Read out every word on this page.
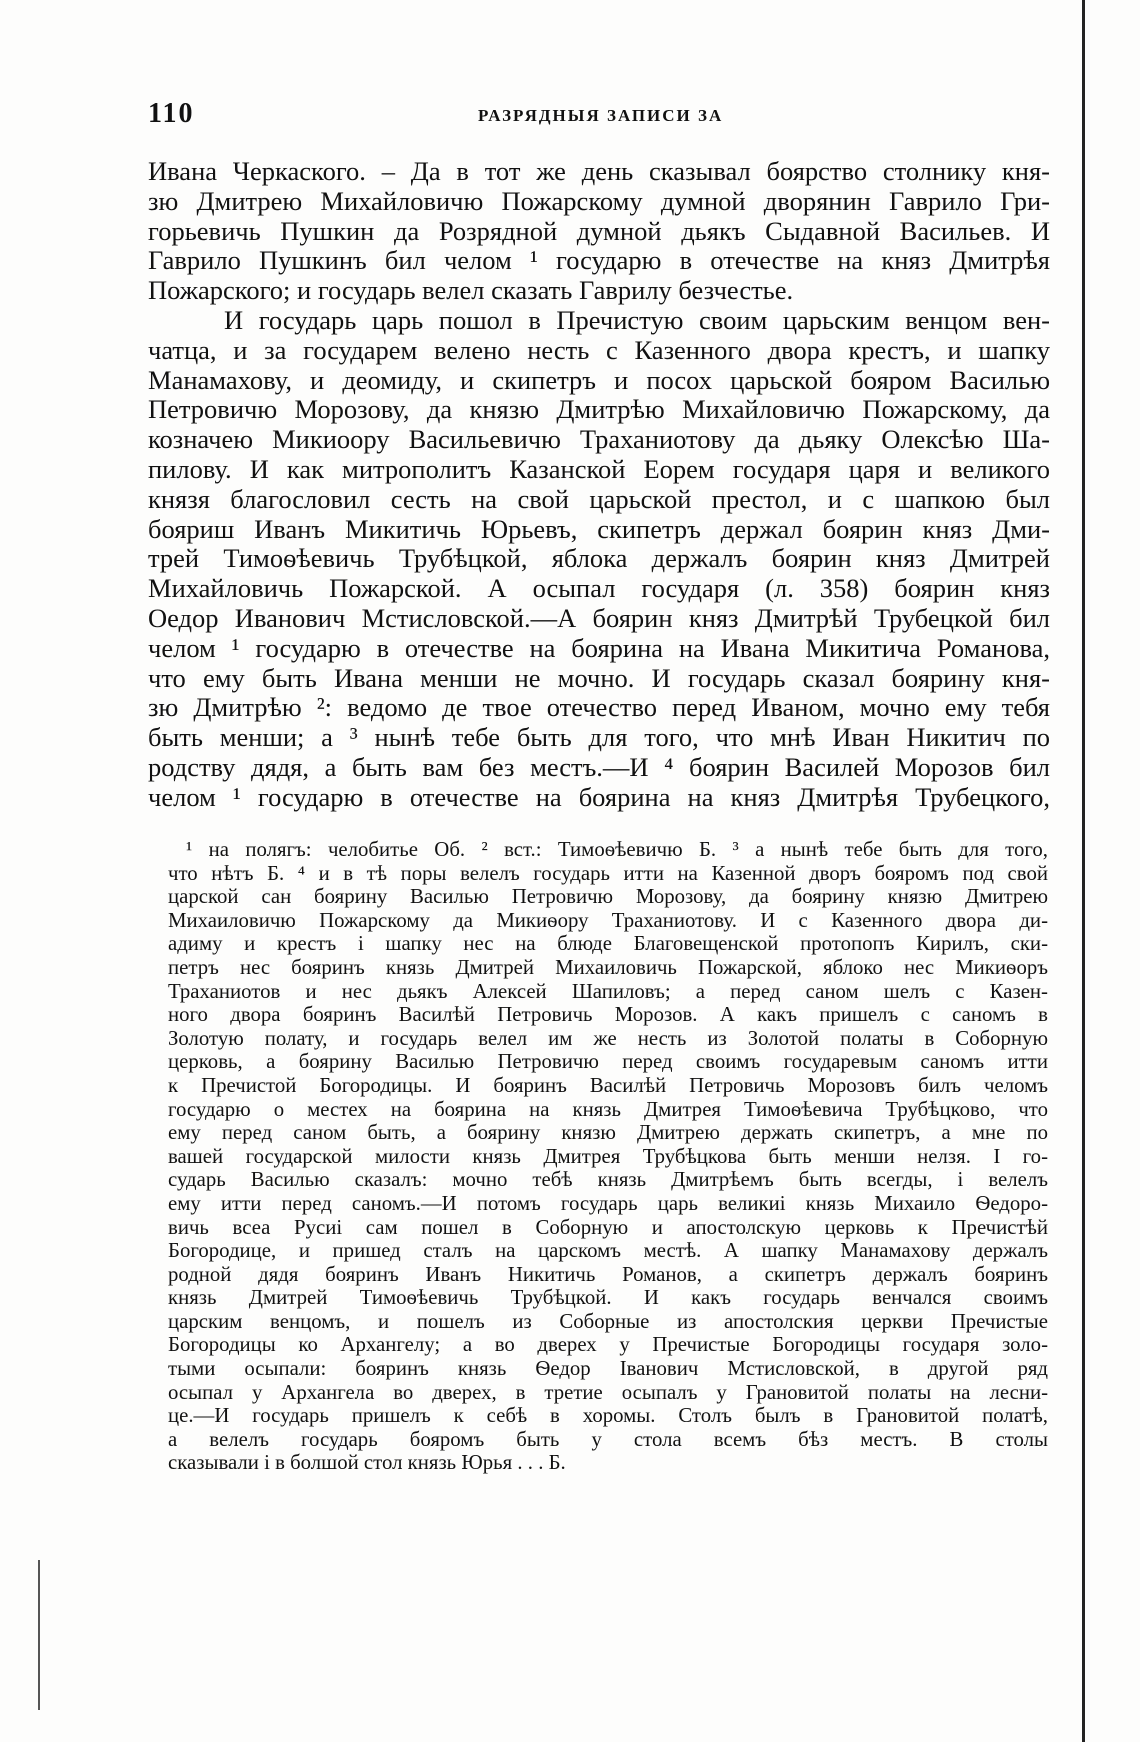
110	РАЗРЯДНЫЯ ЗАПИСИ ЗА
Ивана Черкаского. – Да в тот же день сказывал боярство столнику кня-
зю Дмитрею Михайловичю Пожарскому думной дворянин Гаврило Гри-
горьевичь Пушкин да Розрядной думной дьякъ Сыдавной Васильев. И
Гаврило Пушкинъ бил челом ¹ государю в отечестве на княз Дмитрѣя
Пожарского; и государь велел сказать Гаврилу безчестье.
И государь царь пошол в Пречистую своим царьским венцом вен-
чатца, и за государем велено несть с Казенного двора крестъ, и шапку
Манамахову, и деомиду, и скипетръ и посох царьской бояром Василью
Петровичю Морозову, да князю Дмитрѣю Михайловичю Пожарскому, да
козначею Микиоору Васильевичю Траханиотову да дьяку Олексѣю Ша-
пилову. И как митрополитъ Казанской Еорем государя царя и великого
князя благословил сесть на свой царьской престол, и с шапкою был
бояриш Иванъ Микитичь Юрьевъ, скипетръ держал боярин княз Дми-
трей Тимоѳѣевичь Трубѣцкой, яблока держалъ боярин княз Дмитрей
Михайловичь Пожарской. А осыпал государя (л. 358) боярин княз
Оедор Иванович Мстисловской.—А боярин княз Дмитрѣй Трубецкой бил
челом ¹ государю в отечестве на боярина на Ивана Микитича Романова,
что ему быть Ивана менши не мочно. И государь сказал боярину кня-
зю Дмитрѣю ²: ведомо де твое отечество перед Иваном, мочно ему тебя
быть менши; а ³ нынѣ тебе быть для того, что мнѣ Иван Никитич по
родству дядя, а быть вам без местъ.—И ⁴ боярин Василей Морозов бил
челом ¹ государю в отечестве на боярина на княз Дмитрѣя Трубецкого,
¹ на полягъ: челобитье Об. ² вст.: Тимоѳѣевичю Б. ³ а нынѣ тебе быть для того,
что нѣтъ Б. ⁴ и в тѣ поры велелъ государь итти на Казенной дворъ бояромъ под свой
царской сан боярину Василью Петровичю Морозову, да боярину князю Дмитрею
Михаиловичю Пожарскому да Микиѳору Траханиотову. И с Казенного двора ди-
адиму и крестъ і шапку нес на блюде Благовещенской протопопъ Кирилъ, ски-
петръ нес бояринъ князь Дмитрей Михаиловичь Пожарской, яблоко нес Микиѳоръ
Траханиотов и нес дьякъ Алексей Шапиловъ; а перед саном шелъ с Казен-
ного двора бояринъ Василѣй Петровичь Морозов. А какъ пришелъ с саномъ в
Золотую полату, и государь велел им же несть из Золотой полаты в Соборную
церковь, а боярину Василью Петровичю перед своимъ государевым саномъ итти
к Пречистой Богородицы. И бояринъ Василѣй Петровичь Морозовъ билъ челомъ
государю о местех на боярина на князь Дмитрея Тимоѳѣевича Трубѣцково, что
ему перед саном быть, а боярину князю Дмитрею держать скипетръ, а мне по
вашей государской милости князь Дмитрея Трубѣцкова быть менши нелзя. І го-
сударь Василью сказалъ: мочно тебѣ князь Дмитрѣемъ быть всегды, і велелъ
ему итти перед саномъ.—И потомъ государь царь великиі князь Михаило Ѳедоро-
вичь всеа Русиі сам пошел в Соборную и апостолскую церковь к Пречистѣй
Богородице, и пришед сталъ на царскомъ местѣ. А шапку Манамахову держалъ
родной дядя бояринъ Иванъ Никитичь Романов, а скипетръ держалъ бояринъ
князь Дмитрей Тимоѳѣевичь Трубѣцкой. И какъ государь венчался своимъ
царским венцомъ, и пошелъ из Соборные из апостолския церкви Пречистые
Богородицы ко Архангелу; а во дверех у Пречистые Богородицы государя золо-
тыми осыпали: бояринъ князь Ѳедор Іванович Мстисловской, в другой ряд
осыпал у Архангела во дверех, в третие осыпалъ у Грановитой полаты на лесни-
це.—И государь пришелъ к себѣ в хоромы. Столъ былъ в Грановитой полатѣ,
а велелъ государь бояромъ быть у стола всемъ бѣз местъ. В столы
сказывали і в болшой стол князь Юрья . . . Б.
